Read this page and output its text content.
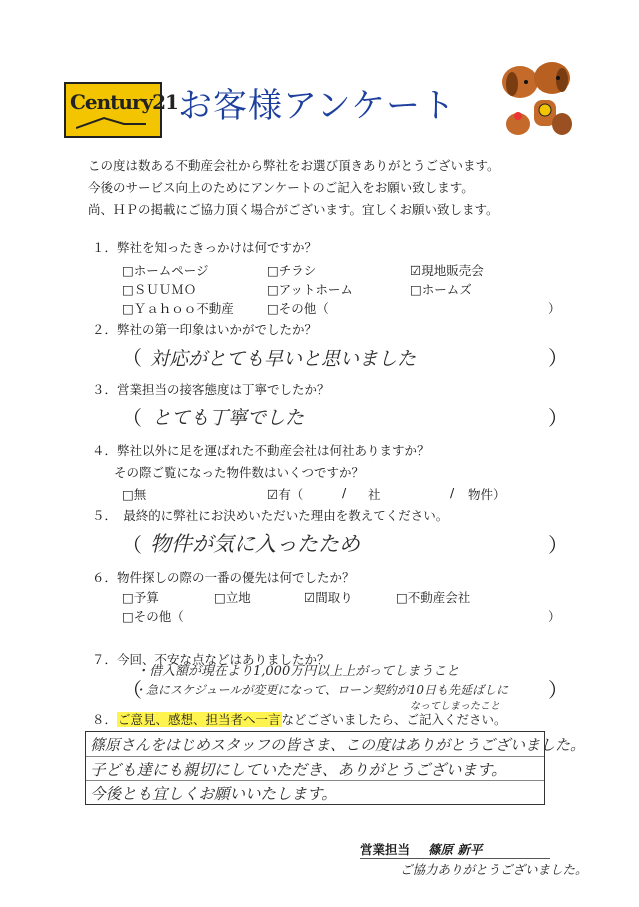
Century21 お客様アンケート
この度は数ある不動産会社から弊社をお選び頂きありがとうございます。
今後のサービス向上のためにアンケートのご記入をお願い致します。
尚、ＨＰの掲載にご協力頂く場合がございます。宜しくお願い致します。
１．弊社を知ったきっかけは何ですか？
□ホームページ	□チラシ	☑現地販売会
□ＳＵＵＭＯ	□アットホーム	□ホームズ
□Ｙａｈｏｏ不動産	□その他（	）
２．弊社の第一印象はいかがでしたか？
（ 対応がとても早いと思いました	）
３．営業担当の接客態度は丁寧でしたか？
（ とても丁寧でした	）
４．弊社以外に足を運ばれた不動産会社は何社ありますか？
その際ご覧になった物件数はいくつですか？
□無	☑有（	/ 社	/ 物件）
５．　最終的に弊社にお決めいただいた理由を教えてください。
（ 物件が気に入ったため	）
６．物件探しの際の一番の優先は何でしたか？
□予算	□立地	☑間取り	□不動産会社
□その他（	）
７．今回、不安な点などはありましたか？
（
・借入額が現在より1,000万円以上上がってしまうこと
・急にスケジュールが変更になって、ローン契約が10日も先延ばしに
なってしまったこと
）
８．ご意見、感想、担当者へ一言などございましたら、ご記入ください。
篠原さんをはじめスタッフの皆さま、この度はありがとうございました。
子ども達にも親切にしていただき、ありがとうございます。
今後とも宜しくお願いいたします。
営業担当 篠原 新平
ご協力ありがとうございました。
